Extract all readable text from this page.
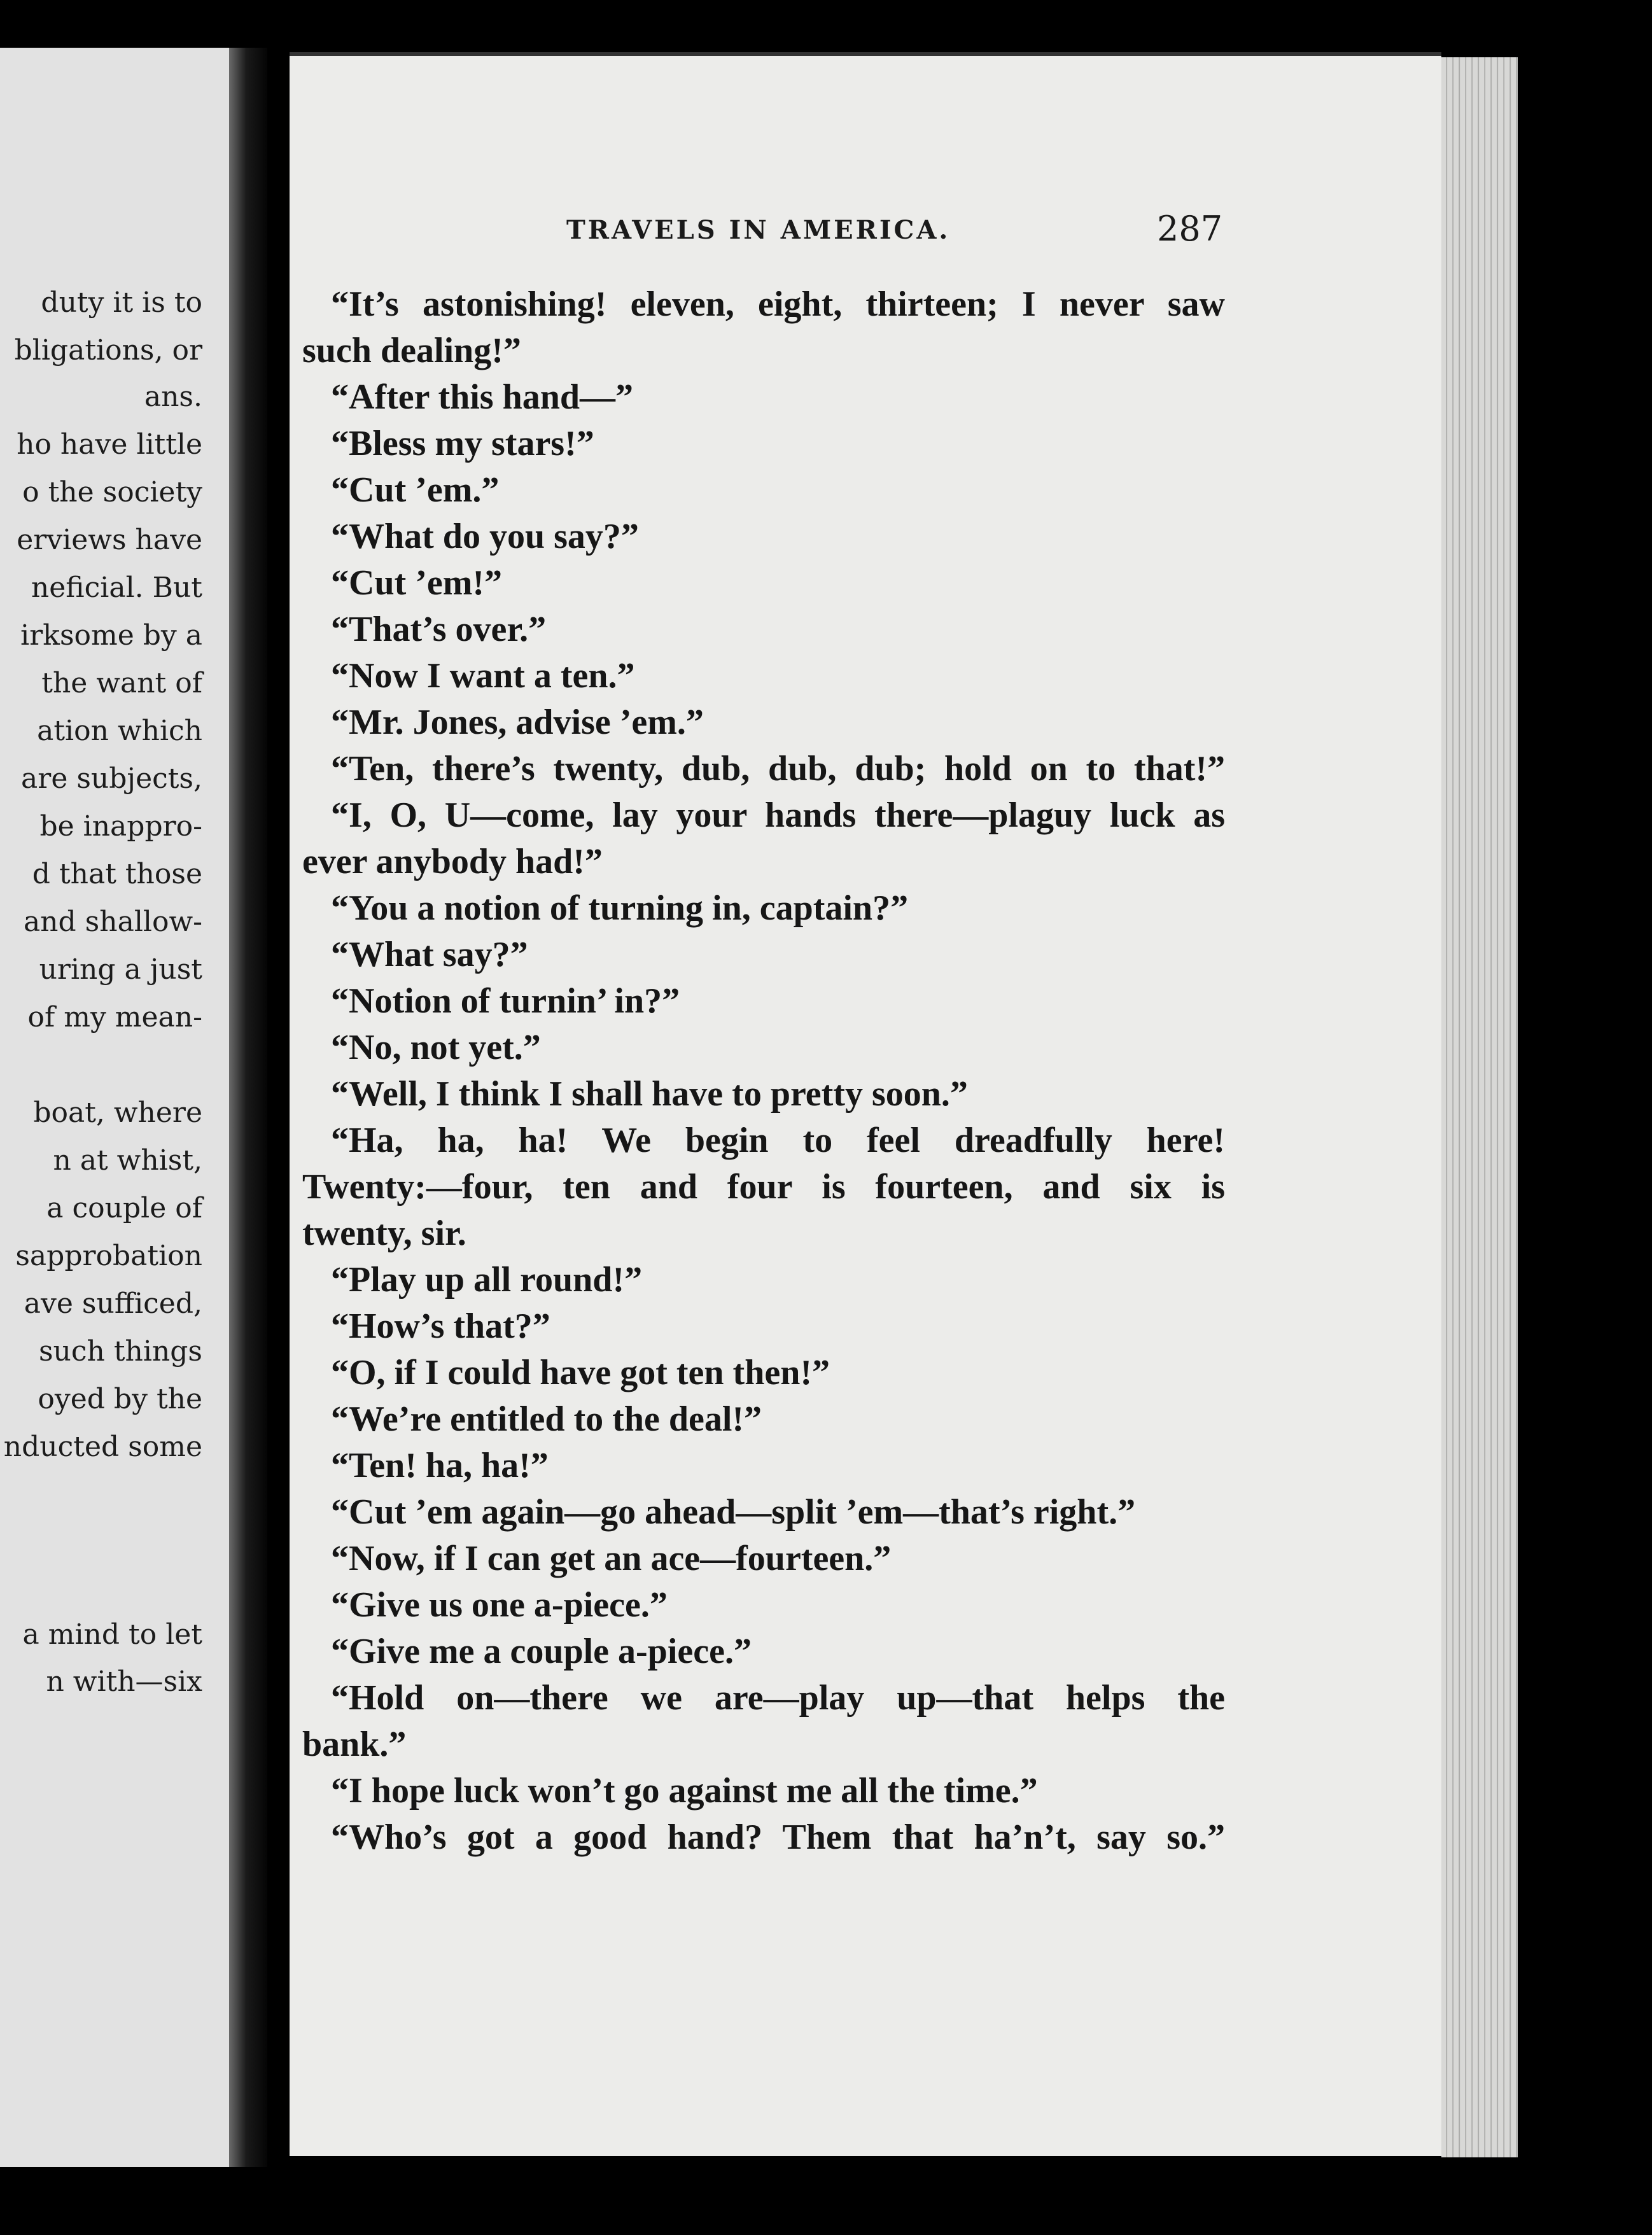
duty it is to
bligations, or
ans.
ho have little
o the society
erviews have
neficial. But
irksome by a
the want of
ation which
are subjects,
be inappro-
d that those
and shallow-
uring a just
of my mean-
boat, where
n at whist,
a couple of
sapprobation
ave sufficed,
such things
oyed by the
nducted some
a mind to let
n with—six
TRAVELS IN AMERICA.	287
“It’s astonishing! eleven, eight, thirteen; I never saw
such dealing!”
“After this hand—”
“Bless my stars!”
“Cut ’em.”
“What do you say?”
“Cut ’em!”
“That’s over.”
“Now I want a ten.”
“Mr. Jones, advise ’em.”
“Ten, there’s twenty, dub, dub, dub; hold on to that!”
“I, O, U—come, lay your hands there—plaguy luck as
ever anybody had!”
“You a notion of turning in, captain?”
“What say?”
“Notion of turnin’ in?”
“No, not yet.”
“Well, I think I shall have to pretty soon.”
“Ha, ha, ha! We begin to feel dreadfully here!
Twenty:—four, ten and four is fourteen, and six is
twenty, sir.
“Play up all round!”
“How’s that?”
“O, if I could have got ten then!”
“We’re entitled to the deal!”
“Ten! ha, ha!”
“Cut ’em again—go ahead—split ’em—that’s right.”
“Now, if I can get an ace—fourteen.”
“Give us one a-piece.”
“Give me a couple a-piece.”
“Hold on—there we are—play up—that helps the
bank.”
“I hope luck won’t go against me all the time.”
“Who’s got a good hand? Them that ha’n’t, say so.”
